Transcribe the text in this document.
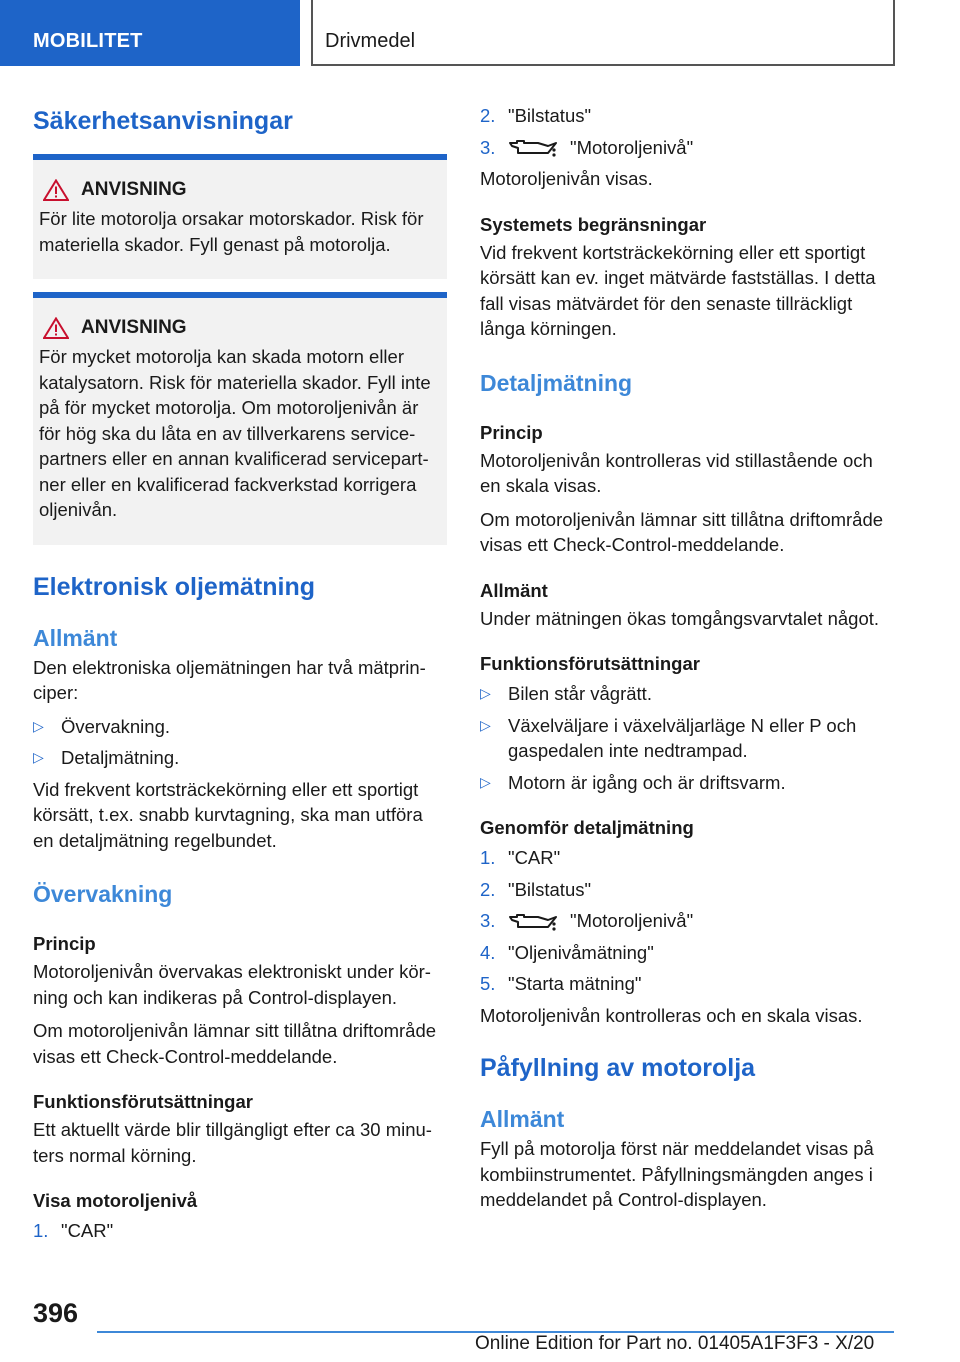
MOBILITET	Drivmedel
Säkerhetsanvisningar
ANVISNING
För lite motorolja orsakar motorskador. Risk för
materiella skador. Fyll genast på motorolja.
ANVISNING
För mycket motorolja kan skada motorn eller
katalysatorn. Risk för materiella skador. Fyll inte
på för mycket motorolja. Om motoroljenivån är
för hög ska du låta en av tillverkarens service-
partners eller en annan kvalificerad servicepart-
ner eller en kvalificerad fackverkstad korrigera
oljenivån.
Elektronisk oljemätning
Allmänt
Den elektroniska oljemätningen har två mätprin-
ciper:
▷ Övervakning.
▷ Detaljmätning.
Vid frekvent kortsträckekörning eller ett sportigt
körsätt, t.ex. snabb kurvtagning, ska man utföra
en detaljmätning regelbundet.
Övervakning
Princip
Motoroljenivån övervakas elektroniskt under kör-
ning och kan indikeras på Control-displayen.
Om motoroljenivån lämnar sitt tillåtna driftområde
visas ett Check-Control-meddelande.
Funktionsförutsättningar
Ett aktuellt värde blir tillgängligt efter ca 30 minu-
ters normal körning.
Visa motoroljenivå
1. "CAR"
2. "Bilstatus"
3.	"Motoroljenivå"
Motoroljenivån visas.
Systemets begränsningar
Vid frekvent kortsträckekörning eller ett sportigt
körsätt kan ev. inget mätvärde fastställas. I detta
fall visas mätvärdet för den senaste tillräckligt
långa körningen.
Detaljmätning
Princip
Motoroljenivån kontrolleras vid stillastående och
en skala visas.
Om motoroljenivån lämnar sitt tillåtna driftområde
visas ett Check-Control-meddelande.
Allmänt
Under mätningen ökas tomgångsvarvtalet något.
Funktionsförutsättningar
▷ Bilen står vågrätt.
▷ Växelväljare i växelväljarläge N eller P och
gaspedalen inte nedtrampad.
▷ Motorn är igång och är driftsvarm.
Genomför detaljmätning
1. "CAR"
2. "Bilstatus"
3.	"Motoroljenivå"
4. "Oljenivåmätning"
5. "Starta mätning"
Motoroljenivån kontrolleras och en skala visas.
Påfyllning av motorolja
Allmänt
Fyll på motorolja först när meddelandet visas på
kombiinstrumentet. Påfyllningsmängden anges i
meddelandet på Control-displayen.
396
Online Edition for Part no. 01405A1F3F3 - X/20
